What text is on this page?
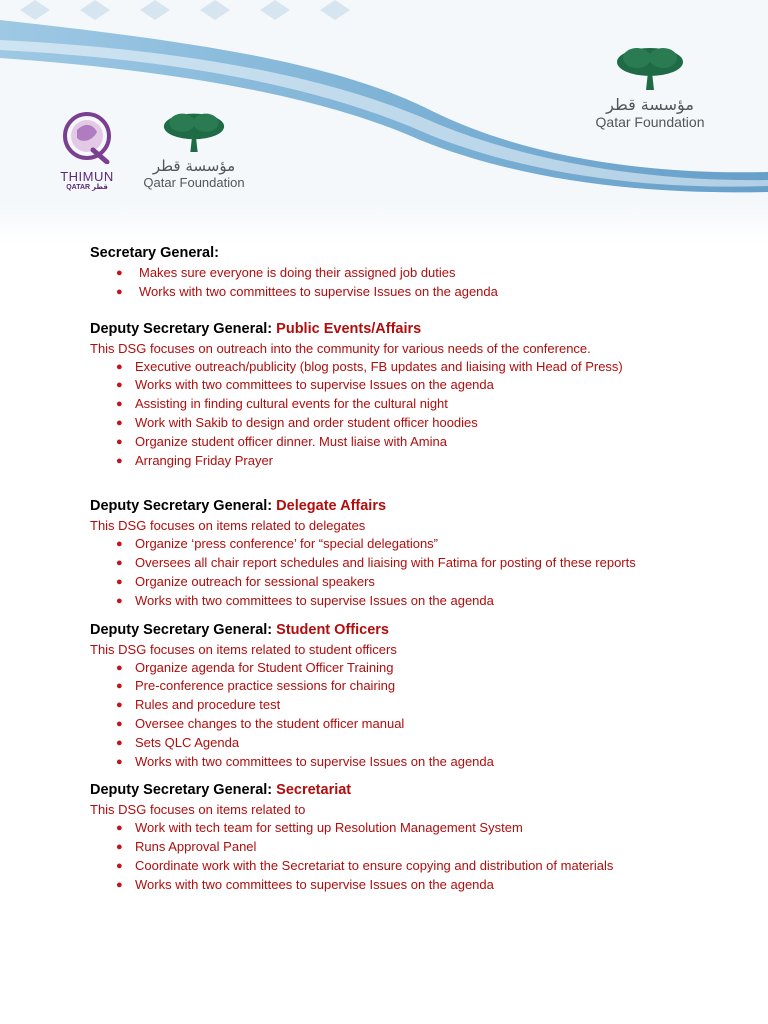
مؤسسة قطر
Qatar Foundation
THIMUN
QATAR قطر
مؤسسة قطر
Qatar Foundation
Secretary General:
● Makes sure everyone is doing their assigned job duties
● Works with two committees to supervise Issues on the agenda
Deputy Secretary General: Public Events/Affairs

This DSG focuses on outreach into the community for various needs of the conference.

● Executive outreach/publicity (blog posts, FB updates and liaising with Head of Press)
● Works with two committees to supervise Issues on the agenda
● Assisting in finding cultural events for the cultural night
● Work with Sakib to design and order student officer hoodies
● Organize student officer dinner. Must liaise with Amina
● Arranging Friday Prayer
Deputy Secretary General: Delegate Affairs

This DSG focuses on items related to delegates

● Organize ‘press conference’ for “special delegations”
● Oversees all chair report schedules and liaising with Fatima for posting of these reports
● Organize outreach for sessional speakers
● Works with two committees to supervise Issues on the agenda
Deputy Secretary General: Student Officers

This DSG focuses on items related to student officers

● Organize agenda for Student Officer Training
● Pre-conference practice sessions for chairing
● Rules and procedure test
● Oversee changes to the student officer manual
● Sets QLC Agenda
● Works with two committees to supervise Issues on the agenda
Deputy Secretary General: Secretariat

This DSG focuses on items related to

● Work with tech team for setting up Resolution Management System
● Runs Approval Panel
● Coordinate work with the Secretariat to ensure copying and distribution of materials
● Works with two committees to supervise Issues on the agenda
